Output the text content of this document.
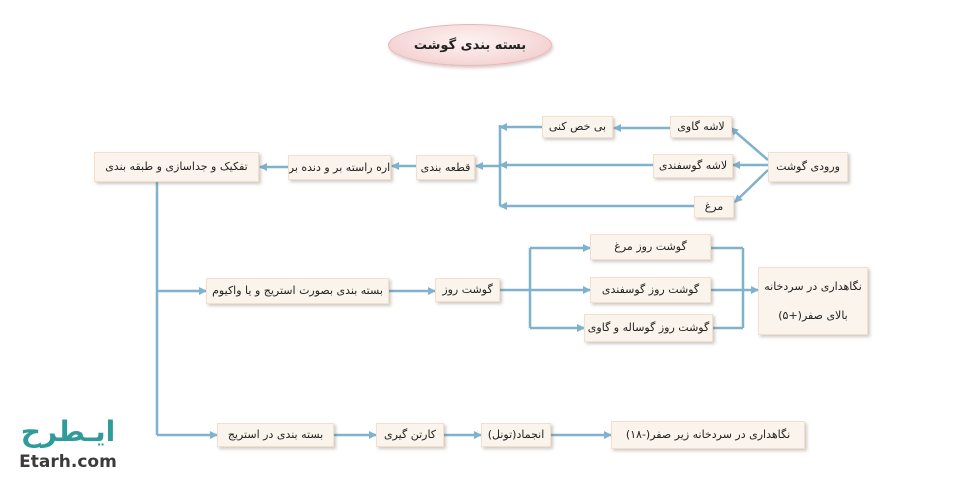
بسته بندی گوشت
ورودی گوشت
لاشه گاوی
لاشه گوسفندی
مرغ
بی خص کنی
قطعه بندی
اره راسته بر و دنده بر
تفکیک و جداسازی و طبقه بندی
بسته بندی بصورت استریج و یا واکیوم	گوشت روز
گوشت روز مرغ
گوشت روز گوسفندی
گوشت روز گوساله و گاوی
نگاهداری در سردخانه
بالای صفر(+۵)
بسته بندی در استریج	کارتن گیری	انجماد(تونل)	نگاهداری در سردخانه زیر صفر(-۱۸)
ایـطرح
Etarh.com
